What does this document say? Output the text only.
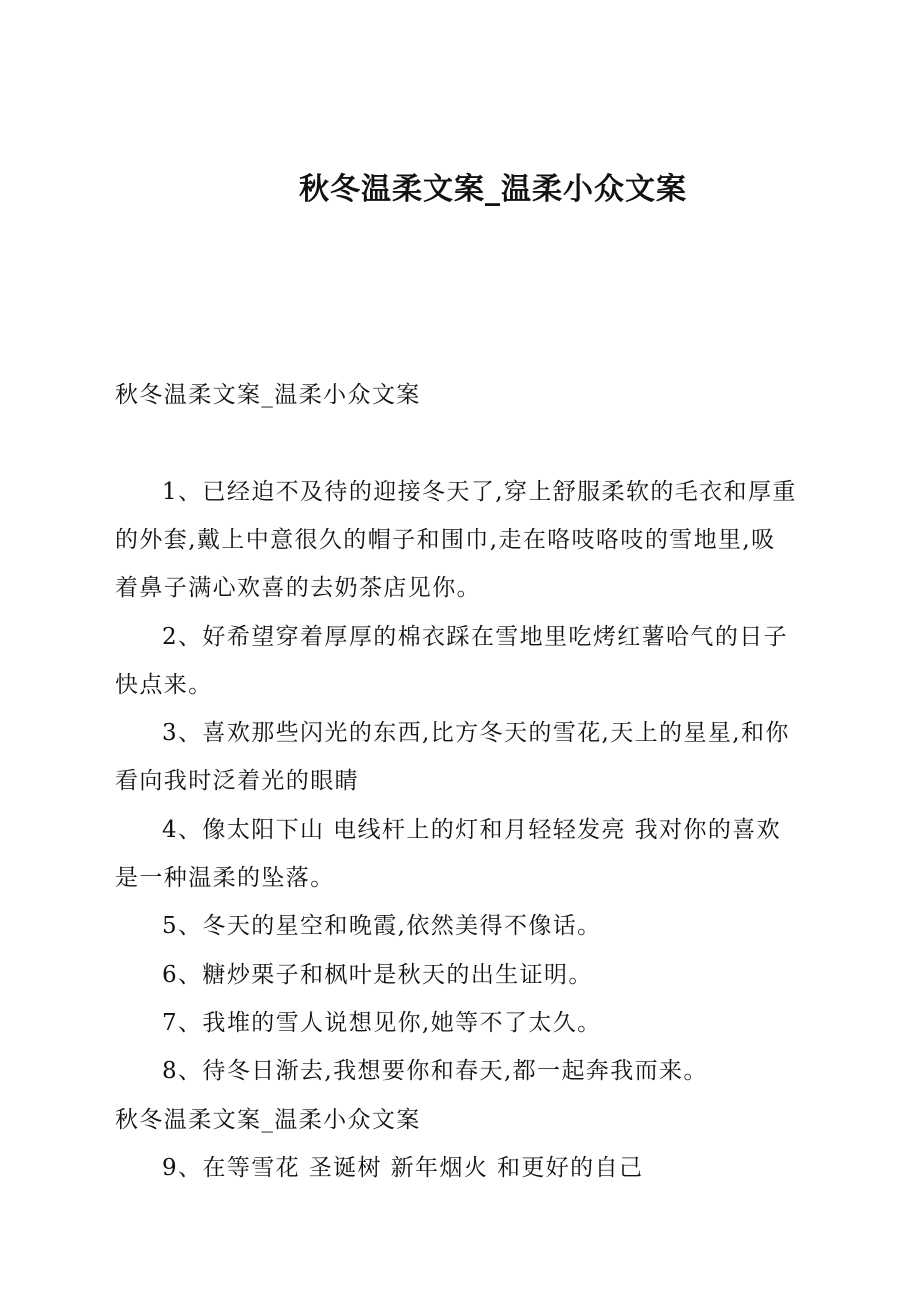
秋冬温柔文案_温柔小众文案
秋冬温柔文案_温柔小众文案
1、已经迫不及待的迎接冬天了,穿上舒服柔软的毛衣和厚重
的外套,戴上中意很久的帽子和围巾,走在咯吱咯吱的雪地里,吸
着鼻子满心欢喜的去奶茶店见你。
2、好希望穿着厚厚的棉衣踩在雪地里吃烤红薯哈气的日子
快点来。
3、喜欢那些闪光的东西,比方冬天的雪花,天上的星星,和你
看向我时泛着光的眼睛
4、像太阳下山 电线杆上的灯和月轻轻发亮 我对你的喜欢
是一种温柔的坠落。
5、冬天的星空和晚霞,依然美得不像话。
6、糖炒栗子和枫叶是秋天的出生证明。
7、我堆的雪人说想见你,她等不了太久。
8、待冬日渐去,我想要你和春天,都一起奔我而来。
秋冬温柔文案_温柔小众文案
9、在等雪花 圣诞树 新年烟火 和更好的自己
